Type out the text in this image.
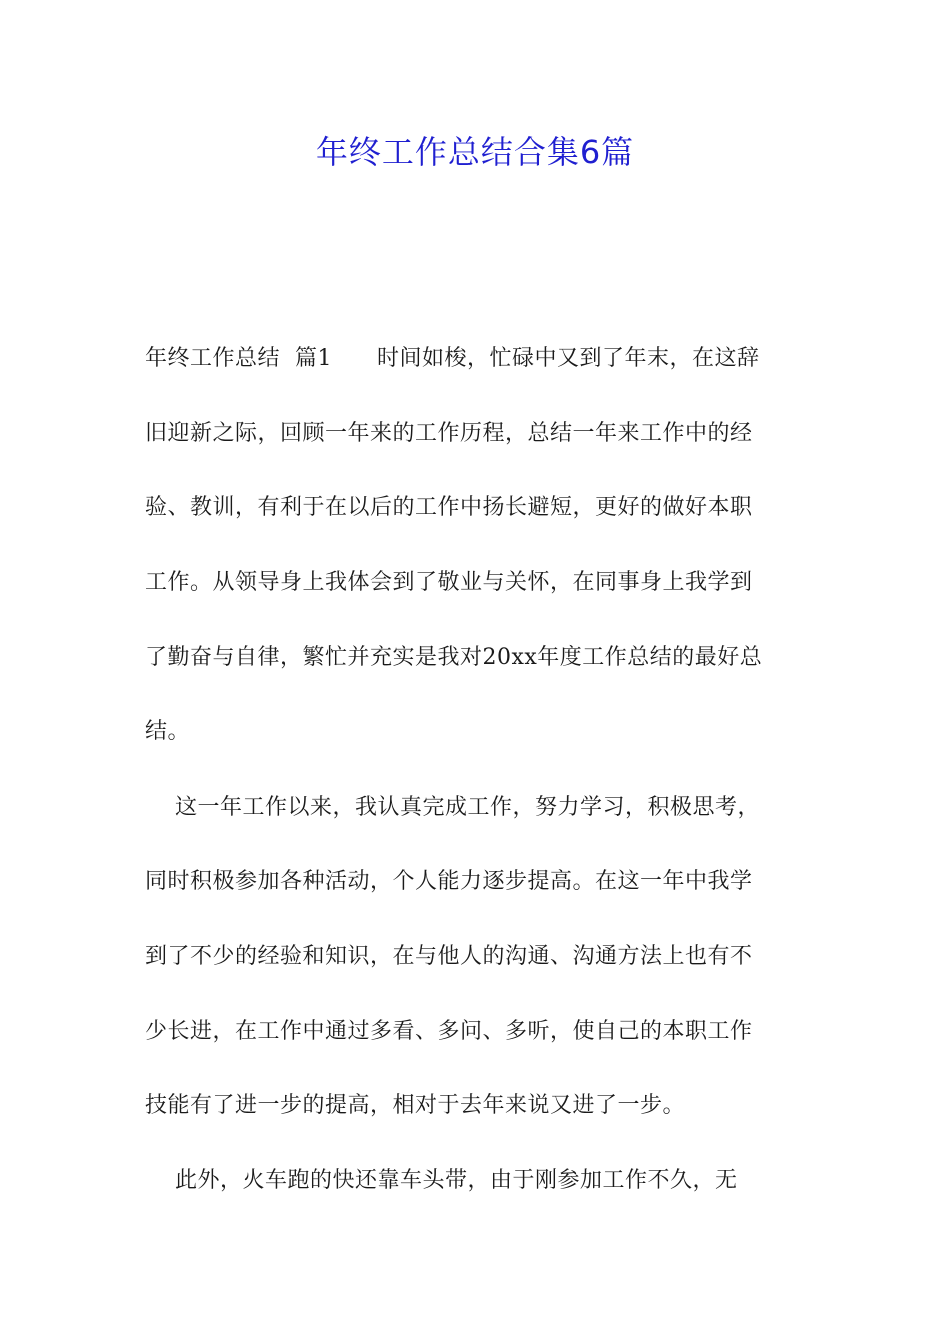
年终工作总结合集6篇
年终工作总结  篇1      时间如梭，忙碌中又到了年末，在这辞
旧迎新之际，回顾一年来的工作历程，总结一年来工作中的经
验、教训，有利于在以后的工作中扬长避短，更好的做好本职
工作。从领导身上我体会到了敬业与关怀，在同事身上我学到
了勤奋与自律，繁忙并充实是我对20xx年度工作总结的最好总
结。
这一年工作以来，我认真完成工作，努力学习，积极思考，
同时积极参加各种活动，个人能力逐步提高。在这一年中我学
到了不少的经验和知识，在与他人的沟通、沟通方法上也有不
少长进，在工作中通过多看、多问、多听，使自己的本职工作
技能有了进一步的提高，相对于去年来说又进了一步。
此外，火车跑的快还靠车头带，由于刚参加工作不久，无
